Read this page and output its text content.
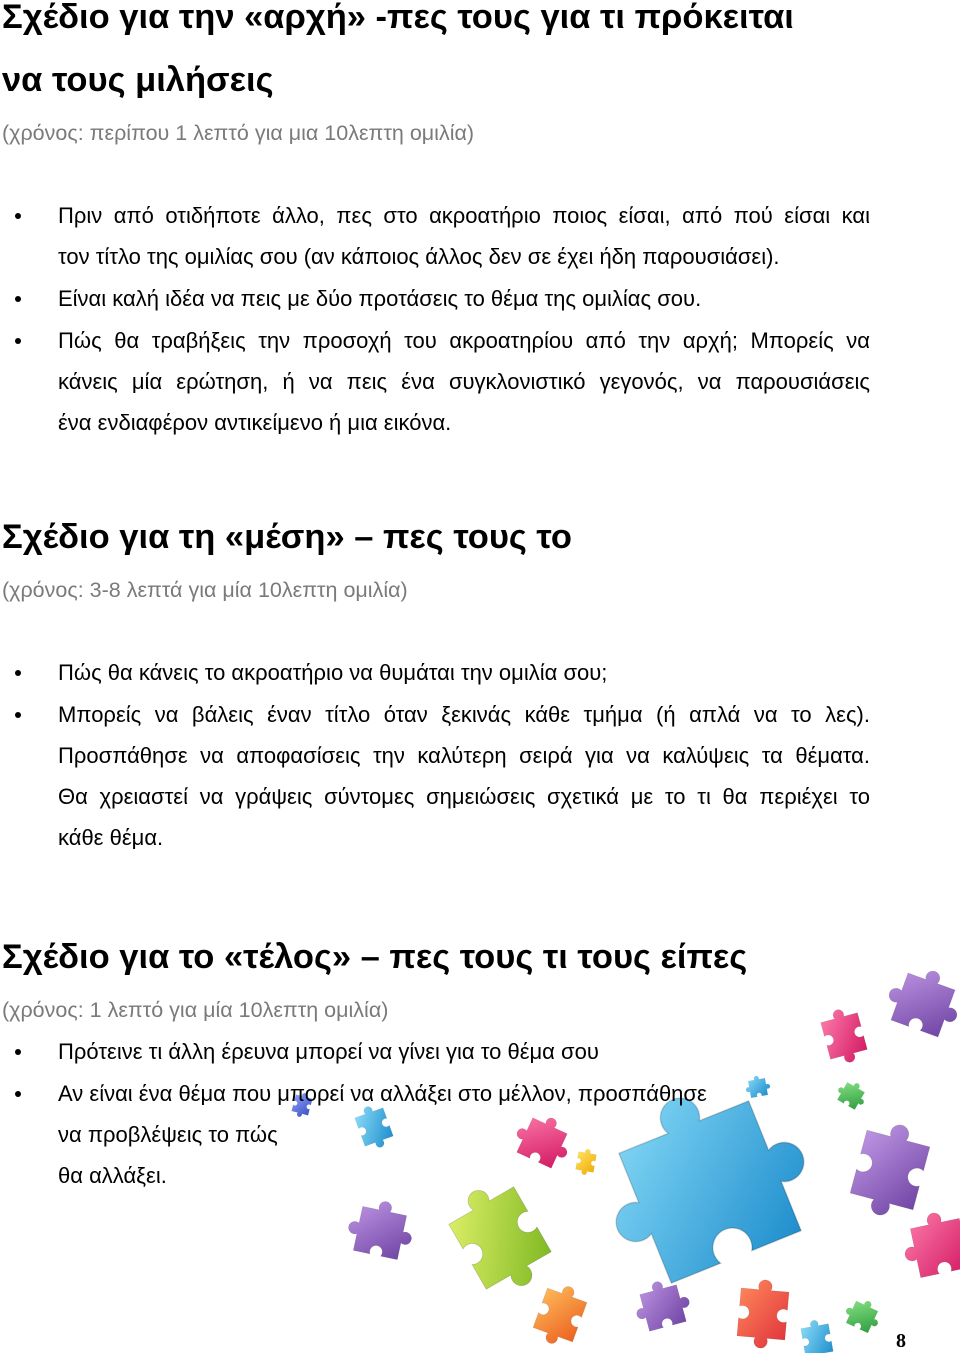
Σχέδιο για την «αρχή» -πες τους για τι πρόκειται
να τους μιλήσεις

(χρόνος: περίπου 1 λεπτό για μια 10λεπτη ομιλία)

Πριν από οτιδήποτε άλλο, πες στο ακροατήριο ποιος είσαι, από πού είσαι και
τον τίτλο της ομιλίας σου (αν κάποιος άλλος δεν σε έχει ήδη παρουσιάσει).
Είναι καλή ιδέα να πεις με δύο προτάσεις το θέμα της ομιλίας σου.
Πώς θα τραβήξεις την προσοχή του ακροατηρίου από την αρχή; Μπορείς να
κάνεις μία ερώτηση, ή να πεις ένα συγκλονιστικό γεγονός, να παρουσιάσεις
ένα ενδιαφέρον αντικείμενο ή μια εικόνα.
Σχέδιο για τη «μέση» – πες τους το

(χρόνος: 3-8 λεπτά για μία 10λεπτη ομιλία)

Πώς θα κάνεις το ακροατήριο να θυμάται την ομιλία σου;
Μπορείς να βάλεις έναν τίτλο όταν ξεκινάς κάθε τμήμα (ή απλά να το λες).
Προσπάθησε να αποφασίσεις την καλύτερη σειρά για να καλύψεις τα θέματα.
Θα χρειαστεί να γράψεις σύντομες σημειώσεις σχετικά με το τι θα περιέχει το
κάθε θέμα.
Σχέδιο για το «τέλος» – πες τους τι τους είπες

(χρόνος: 1 λεπτό για μία 10λεπτη ομιλία)

Πρότεινε τι άλλη έρευνα μπορεί να γίνει για το θέμα σου
Αν είναι ένα θέμα που μπορεί να αλλάξει στο μέλλον, προσπάθησε
να προβλέψεις το πώς
θα αλλάξει.
8
